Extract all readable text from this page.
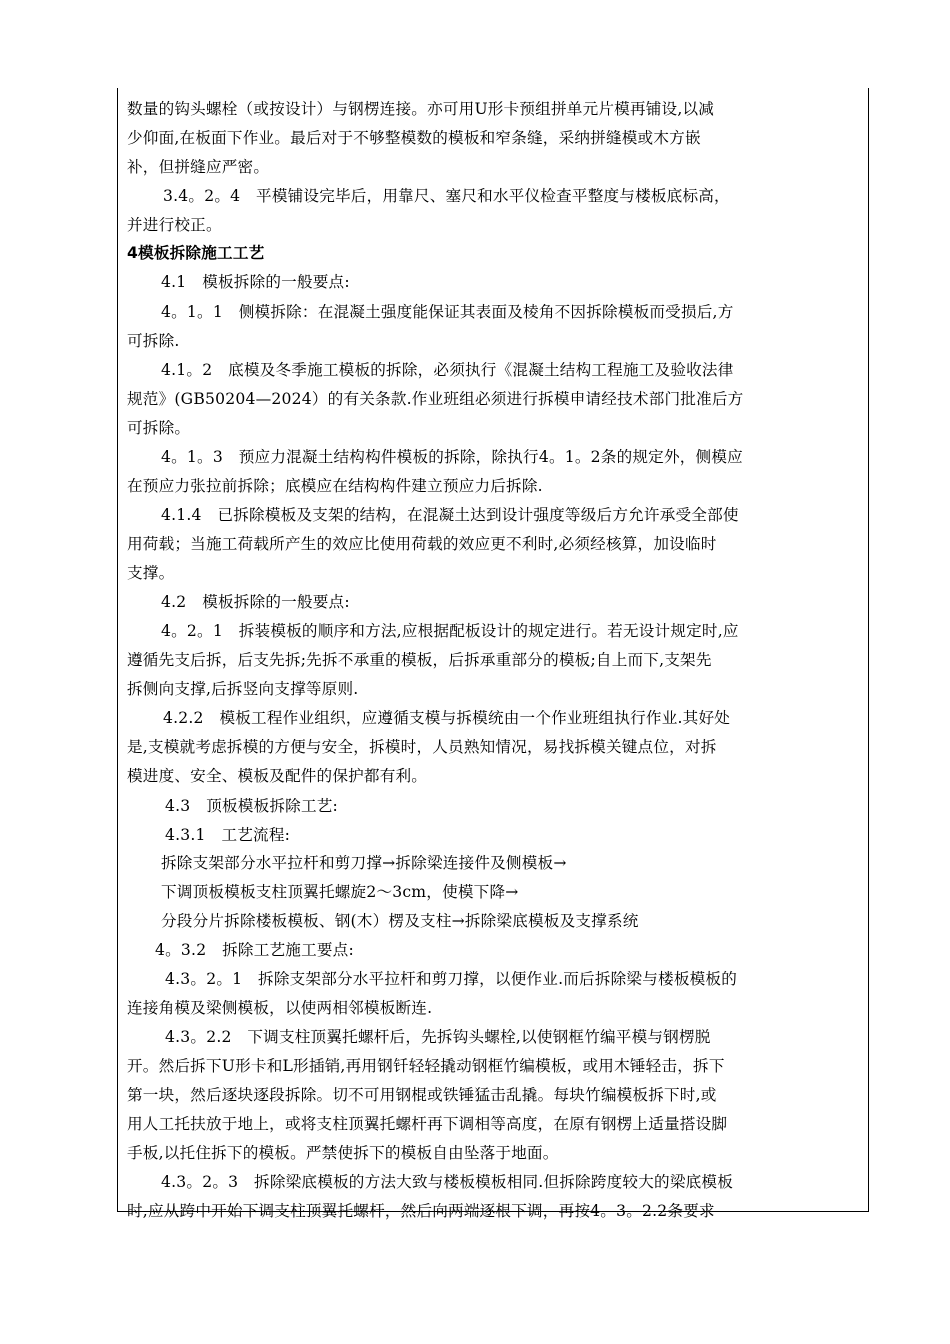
数量的钩头螺栓（或按设计）与钢楞连接。亦可用U形卡预组拼单元片模再铺设,以减
少仰面,在板面下作业。最后对于不够整模数的模板和窄条缝，采纳拼缝模或木方嵌
补，但拼缝应严密。
3.4。2。4　平模铺设完毕后，用靠尺、塞尺和水平仪检查平整度与楼板底标高，
并进行校正。
4模板拆除施工工艺
4.1　模板拆除的一般要点:
4。1。1　侧模拆除：在混凝土强度能保证其表面及棱角不因拆除模板而受损后,方
可拆除.
4.1。2　底模及冬季施工模板的拆除，必须执行《混凝土结构工程施工及验收法律
规范》(GB50204—2024）的有关条款.作业班组必须进行拆模申请经技术部门批准后方
可拆除。
4。1。3　预应力混凝土结构构件模板的拆除，除执行4。1。2条的规定外，侧模应
在预应力张拉前拆除；底模应在结构构件建立预应力后拆除.
4.1.4　已拆除模板及支架的结构，在混凝土达到设计强度等级后方允许承受全部使
用荷载；当施工荷载所产生的效应比使用荷载的效应更不利时,必须经核算，加设临时
支撑。
4.2　模板拆除的一般要点:
4。2。1　拆装模板的顺序和方法,应根据配板设计的规定进行。若无设计规定时,应
遵循先支后拆，后支先拆;先拆不承重的模板，后拆承重部分的模板;自上而下,支架先
拆侧向支撑,后拆竖向支撑等原则.
4.2.2　模板工程作业组织，应遵循支模与拆模统由一个作业班组执行作业.其好处
是,支模就考虑拆模的方便与安全，拆模时，人员熟知情况，易找拆模关键点位，对拆
模进度、安全、模板及配件的保护都有利。
4.3　顶板模板拆除工艺:
4.3.1　工艺流程:
拆除支架部分水平拉杆和剪刀撑→拆除梁连接件及侧模板→
下调顶板模板支柱顶翼托螺旋2～3cm，使模下降→
分段分片拆除楼板模板、钢(木）楞及支柱→拆除梁底模板及支撑系统
4。3.2　拆除工艺施工要点:
4.3。2。1　拆除支架部分水平拉杆和剪刀撑，以便作业.而后拆除梁与楼板模板的
连接角模及梁侧模板，以使两相邻模板断连.
4.3。2.2　下调支柱顶翼托螺杆后，先拆钩头螺栓,以使钢框竹编平模与钢楞脱
开。然后拆下U形卡和L形插销,再用钢钎轻轻撬动钢框竹编模板，或用木锤轻击，拆下
第一块，然后逐块逐段拆除。切不可用钢棍或铁锤猛击乱撬。每块竹编模板拆下时,或
用人工托扶放于地上，或将支柱顶翼托螺杆再下调相等高度，在原有钢楞上适量搭设脚
手板,以托住拆下的模板。严禁使拆下的模板自由坠落于地面。
4.3。2。3　拆除梁底模板的方法大致与楼板模板相同.但拆除跨度较大的梁底模板
时,应从跨中开始下调支柱顶翼托螺杆，然后向两端逐根下调，再按4。3。2.2条要求
